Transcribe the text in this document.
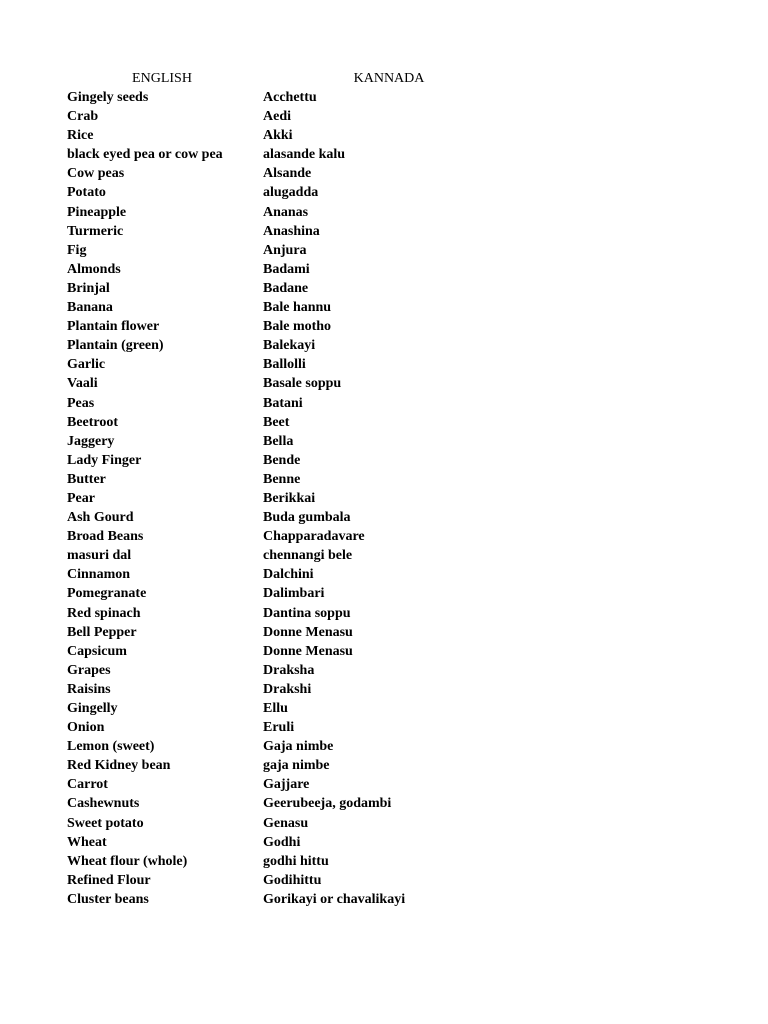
ENGLISH	KANNADA
Gingely seeds	Acchettu
Crab	Aedi
Rice	Akki
black eyed pea or cow pea	alasande kalu
Cow peas	Alsande
Potato	alugadda
Pineapple	Ananas
Turmeric	Anashina
Fig	Anjura
Almonds	Badami
Brinjal	Badane
Banana	Bale hannu
Plantain flower	Bale motho
Plantain (green)	Balekayi
Garlic	Ballolli
Vaali	Basale soppu
Peas	Batani
Beetroot	Beet
Jaggery	Bella
Lady Finger	Bende
Butter	Benne
Pear	Berikkai
Ash Gourd	Buda gumbala
Broad Beans	Chapparadavare
masuri dal	chennangi bele
Cinnamon	Dalchini
Pomegranate	Dalimbari
Red spinach	Dantina soppu
Bell Pepper	Donne Menasu
Capsicum	Donne Menasu
Grapes	Draksha
Raisins	Drakshi
Gingelly	Ellu
Onion	Eruli
Lemon (sweet)	Gaja nimbe
Red Kidney bean	gaja nimbe
Carrot	Gajjare
Cashewnuts	Geerubeeja, godambi
Sweet potato	Genasu
Wheat	Godhi
Wheat flour (whole)	godhi hittu
Refined Flour	Godihittu
Cluster beans	Gorikayi or chavalikayi
